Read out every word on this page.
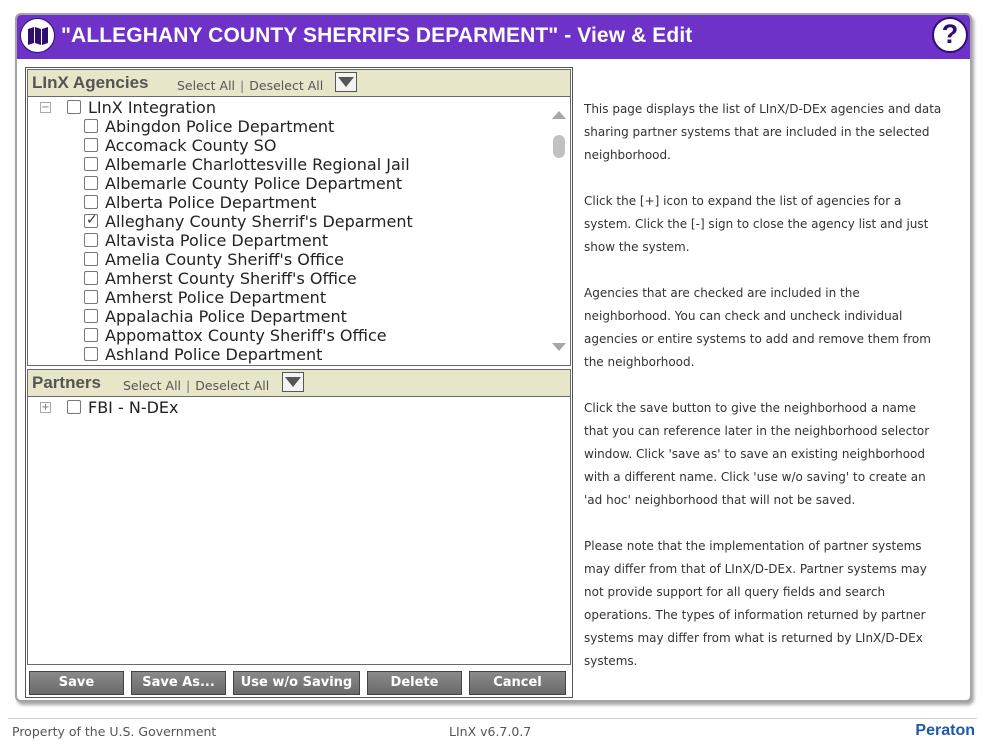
"ALLEGHANY COUNTY SHERRIFS DEPARMENT" - View & Edit	?
LInX Agencies Select All | Deselect All
− LInX Integration
Abingdon Police Department
Accomack County SO
Albemarle Charlottesville Regional Jail
Albemarle County Police Department
Alberta Police Department
✓
Alleghany County Sherrif's Deparment
Altavista Police Department
Amelia County Sheriff's Office
Amherst County Sheriff's Office
Amherst Police Department
Appalachia Police Department
Appomattox County Sheriff's Office
Ashland Police Department
Partners Select All | Deselect All
+ FBI - N-DEx
Save	Save As...	Use w/o Saving	Delete	Cancel

This page displays the list of LInX/D-DEx agencies and data sharing partner systems that are included in the selected neighborhood.

Click the [+] icon to expand the list of agencies for a system. Click the [-] sign to close the agency list and just show the system.

Agencies that are checked are included in the neighborhood. You can check and uncheck individual agencies or entire systems to add and remove them from the neighborhood.

Click the save button to give the neighborhood a name that you can reference later in the neighborhood selector window. Click 'save as' to save an existing neighborhood with a different name. Click 'use w/o saving' to create an 'ad hoc' neighborhood that will not be saved.

Please note that the implementation of partner systems may differ from that of LInX/D-DEx. Partner systems may not provide support for all query fields and search operations. The types of information returned by partner systems may differ from what is returned by LInX/D-DEx systems.

Property of the U.S. Government	LInX v6.7.0.7	Peraton
